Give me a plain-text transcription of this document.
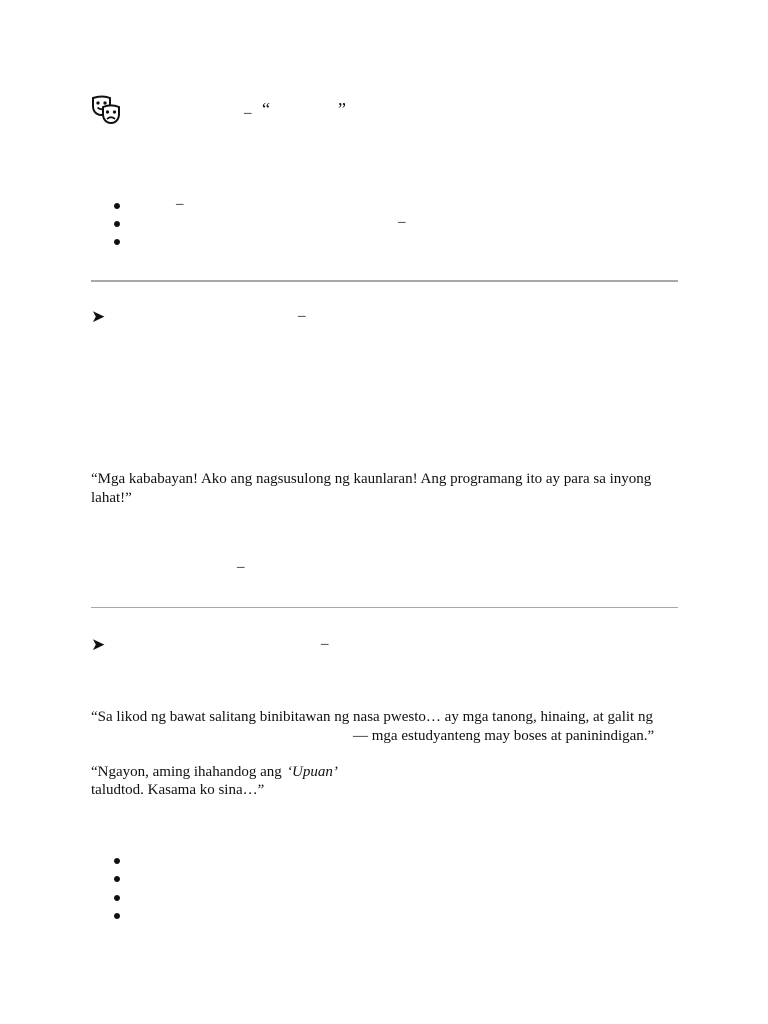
_ “	”
–
–
➤	–
“Mga kababayan! Ako ang nagsusulong ng kaunlaran! Ang programang ito ay para sa inyong lahat!”
–
➤	–
“Sa likod ng bawat salitang binibitawan ng nasa pwesto… ay mga tanong, hinaing, at galit ng
— mga estudyanteng may boses at paninindigan.”
“Ngayon, aming ihahandog ang ‘Upuan’
taludtod. Kasama ko sina…”
